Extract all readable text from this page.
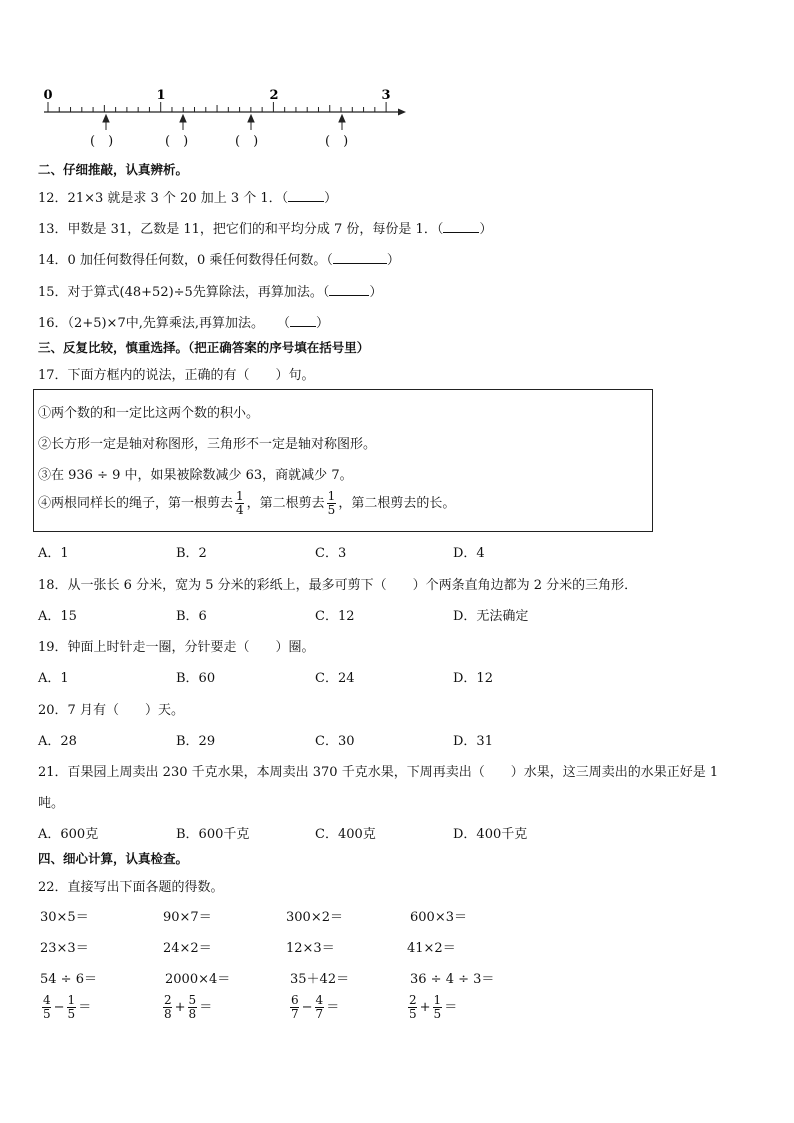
0	1	2	3
(　)	(　)	(　)	(　)
二、仔细推敲，认真辨析。
12．21×3 就是求 3 个 20 加上 3 个 1．（	）
13．甲数是 31，乙数是 11，把它们的和平均分成 7 份，每份是 1．（	）
14．0 加任何数得任何数，0 乘任何数得任何数。（	）
15．对于算式(48+52)÷5先算除法，再算加法。（	）
16．（2+5)×7中,先算乘法,再算加法。　　（ ）
三、反复比较，慎重选择。（把正确答案的序号填在括号里）
17．下面方框内的说法，正确的有（　　）句。
①两个数的和一定比这两个数的积小。
②长方形一定是轴对称图形，三角形不一定是轴对称图形。
③在 936 ÷ 9 中，如果被除数减少 63，商就减少 7。
④两根同样长的绳子，第一根剪去 $\frac{1}{4}$ ，第二根剪去 $\frac{1}{5}$ ，第二根剪去的长。
A．1	B．2	C．3	D．4
18．从一张长 6 分米，宽为 5 分米的彩纸上，最多可剪下（　　）个两条直角边都为 2 分米的三角形．
A．15	B．6	C．12	D．无法确定
19．钟面上时针走一圈，分针要走（　　）圈。
A．1	B．60	C．24	D．12
20．7 月有（　　）天。
A．28	B．29	C．30	D．31
21．百果园上周卖出 230 千克水果，本周卖出 370 千克水果，下周再卖出（　　）水果，这三周卖出的水果正好是 1
吨。
A．600克	B．600千克	C．400克	D．400千克
四、细心计算，认真检查。
22．直接写出下面各题的得数。
30×5＝	90×7＝	300×2＝	600×3＝
23×3＝	24×2＝	12×3＝	41×2＝
54 ÷ 6＝	2000×4＝	35＋42＝	36 ÷ 4 ÷ 3＝
$\frac{4}{5} - \frac{1}{5}$ ＝	$\frac{2}{8} + \frac{5}{8}$ ＝	$\frac{6}{7} - \frac{4}{7}$ ＝	$\frac{2}{5} + \frac{1}{5}$ ＝
